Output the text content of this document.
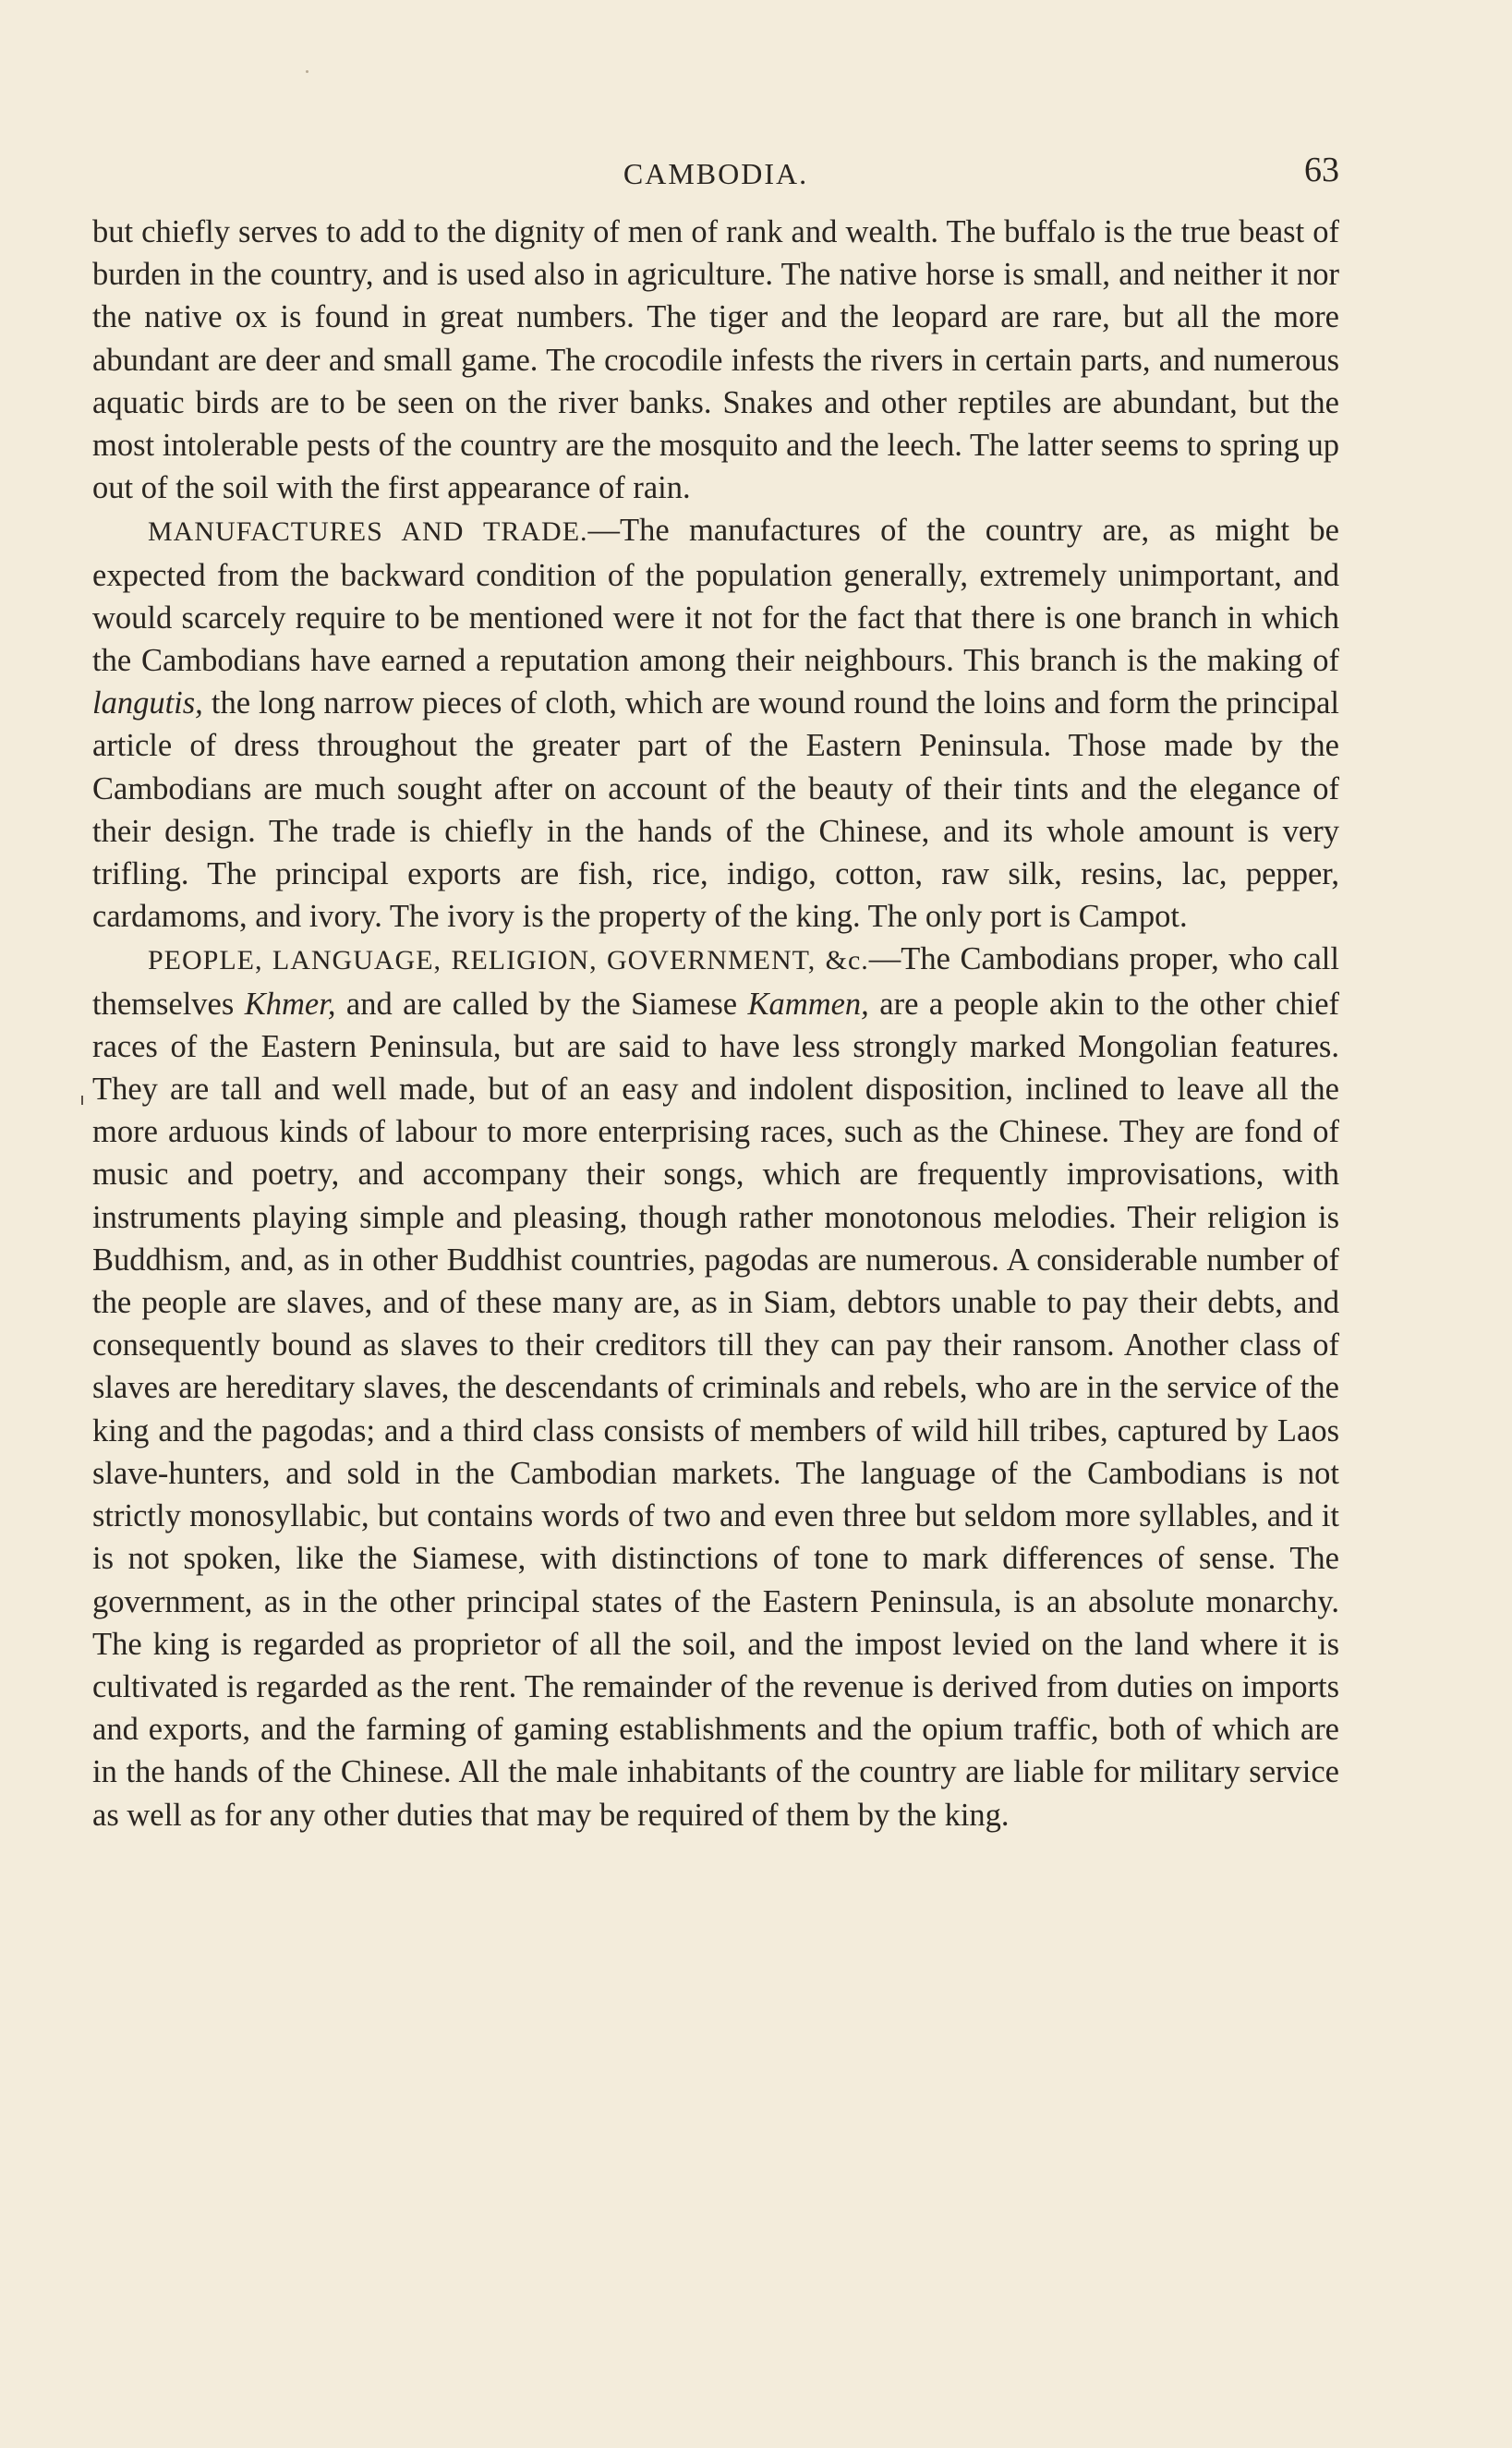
CAMBODIA.	63

but chiefly serves to add to the dignity of men of rank and wealth. The buffalo is the true beast of burden in the country, and is used also in agriculture. The native horse is small, and neither it nor the native ox is found in great numbers. The tiger and the leopard are rare, but all the more abundant are deer and small game. The crocodile infests the rivers in certain parts, and numerous aquatic birds are to be seen on the river banks. Snakes and other reptiles are abundant, but the most intolerable pests of the country are the mosquito and the leech. The latter seems to spring up out of the soil with the first appearance of rain.

MANUFACTURES AND TRADE.—The manufactures of the country are, as might be expected from the backward condition of the population generally, extremely unimportant, and would scarcely require to be mentioned were it not for the fact that there is one branch in which the Cambodians have earned a reputation among their neighbours. This branch is the making of langutis, the long narrow pieces of cloth, which are wound round the loins and form the principal article of dress throughout the greater part of the Eastern Peninsula. Those made by the Cambodians are much sought after on account of the beauty of their tints and the elegance of their design. The trade is chiefly in the hands of the Chinese, and its whole amount is very trifling. The principal exports are fish, rice, indigo, cotton, raw silk, resins, lac, pepper, cardamoms, and ivory. The ivory is the property of the king. The only port is Campot.

PEOPLE, LANGUAGE, RELIGION, GOVERNMENT, &c.—The Cambodians proper, who call themselves Khmer, and are called by the Siamese Kammen, are a people akin to the other chief races of the Eastern Peninsula, but are said to have less strongly marked Mongolian features. They are tall and well made, but of an easy and indolent disposition, inclined to leave all the more arduous kinds of labour to more enterprising races, such as the Chinese. They are fond of music and poetry, and accompany their songs, which are frequently improvisations, with instruments playing simple and pleasing, though rather monotonous melodies. Their religion is Buddhism, and, as in other Buddhist countries, pagodas are numerous. A considerable number of the people are slaves, and of these many are, as in Siam, debtors unable to pay their debts, and consequently bound as slaves to their creditors till they can pay their ransom. Another class of slaves are hereditary slaves, the descendants of criminals and rebels, who are in the service of the king and the pagodas; and a third class consists of members of wild hill tribes, captured by Laos slave-hunters, and sold in the Cambodian markets. The language of the Cambodians is not strictly monosyllabic, but contains words of two and even three but seldom more syllables, and it is not spoken, like the Siamese, with distinctions of tone to mark differences of sense. The government, as in the other principal states of the Eastern Peninsula, is an absolute monarchy. The king is regarded as proprietor of all the soil, and the impost levied on the land where it is cultivated is regarded as the rent. The remainder of the revenue is derived from duties on imports and exports, and the farming of gaming establishments and the opium traffic, both of which are in the hands of the Chinese. All the male inhabitants of the country are liable for military service as well as for any other duties that may be required of them by the king.
